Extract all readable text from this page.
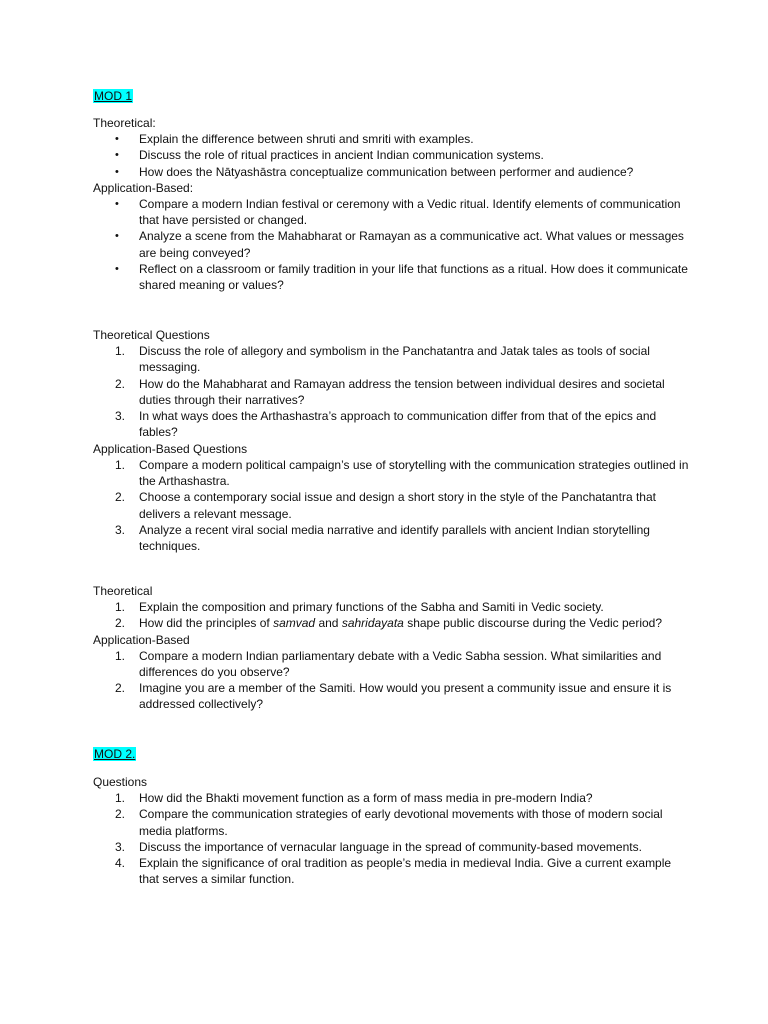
MOD 1
Theoretical:
• Explain the difference between shruti and smriti with examples.
• Discuss the role of ritual practices in ancient Indian communication systems.
• How does the Nātyashāstra conceptualize communication between performer and audience?
Application-Based:
• Compare a modern Indian festival or ceremony with a Vedic ritual. Identify elements of communication that have persisted or changed.
• Analyze a scene from the Mahabharat or Ramayan as a communicative act. What values or messages are being conveyed?
• Reflect on a classroom or family tradition in your life that functions as a ritual. How does it communicate shared meaning or values?
Theoretical Questions
1. Discuss the role of allegory and symbolism in the Panchatantra and Jatak tales as tools of social messaging.
2. How do the Mahabharat and Ramayan address the tension between individual desires and societal duties through their narratives?
3. In what ways does the Arthashastra’s approach to communication differ from that of the epics and fables?
Application-Based Questions
1. Compare a modern political campaign’s use of storytelling with the communication strategies outlined in the Arthashastra.
2. Choose a contemporary social issue and design a short story in the style of the Panchatantra that delivers a relevant message.
3. Analyze a recent viral social media narrative and identify parallels with ancient Indian storytelling techniques.
Theoretical
1. Explain the composition and primary functions of the Sabha and Samiti in Vedic society.
2. How did the principles of samvad and sahridayata shape public discourse during the Vedic period?
Application-Based
1. Compare a modern Indian parliamentary debate with a Vedic Sabha session. What similarities and differences do you observe?
2. Imagine you are a member of the Samiti. How would you present a community issue and ensure it is addressed collectively?
MOD 2.
Questions
1. How did the Bhakti movement function as a form of mass media in pre-modern India?
2. Compare the communication strategies of early devotional movements with those of modern social media platforms.
3. Discuss the importance of vernacular language in the spread of community-based movements.
4. Explain the significance of oral tradition as people’s media in medieval India. Give a current example that serves a similar function.
